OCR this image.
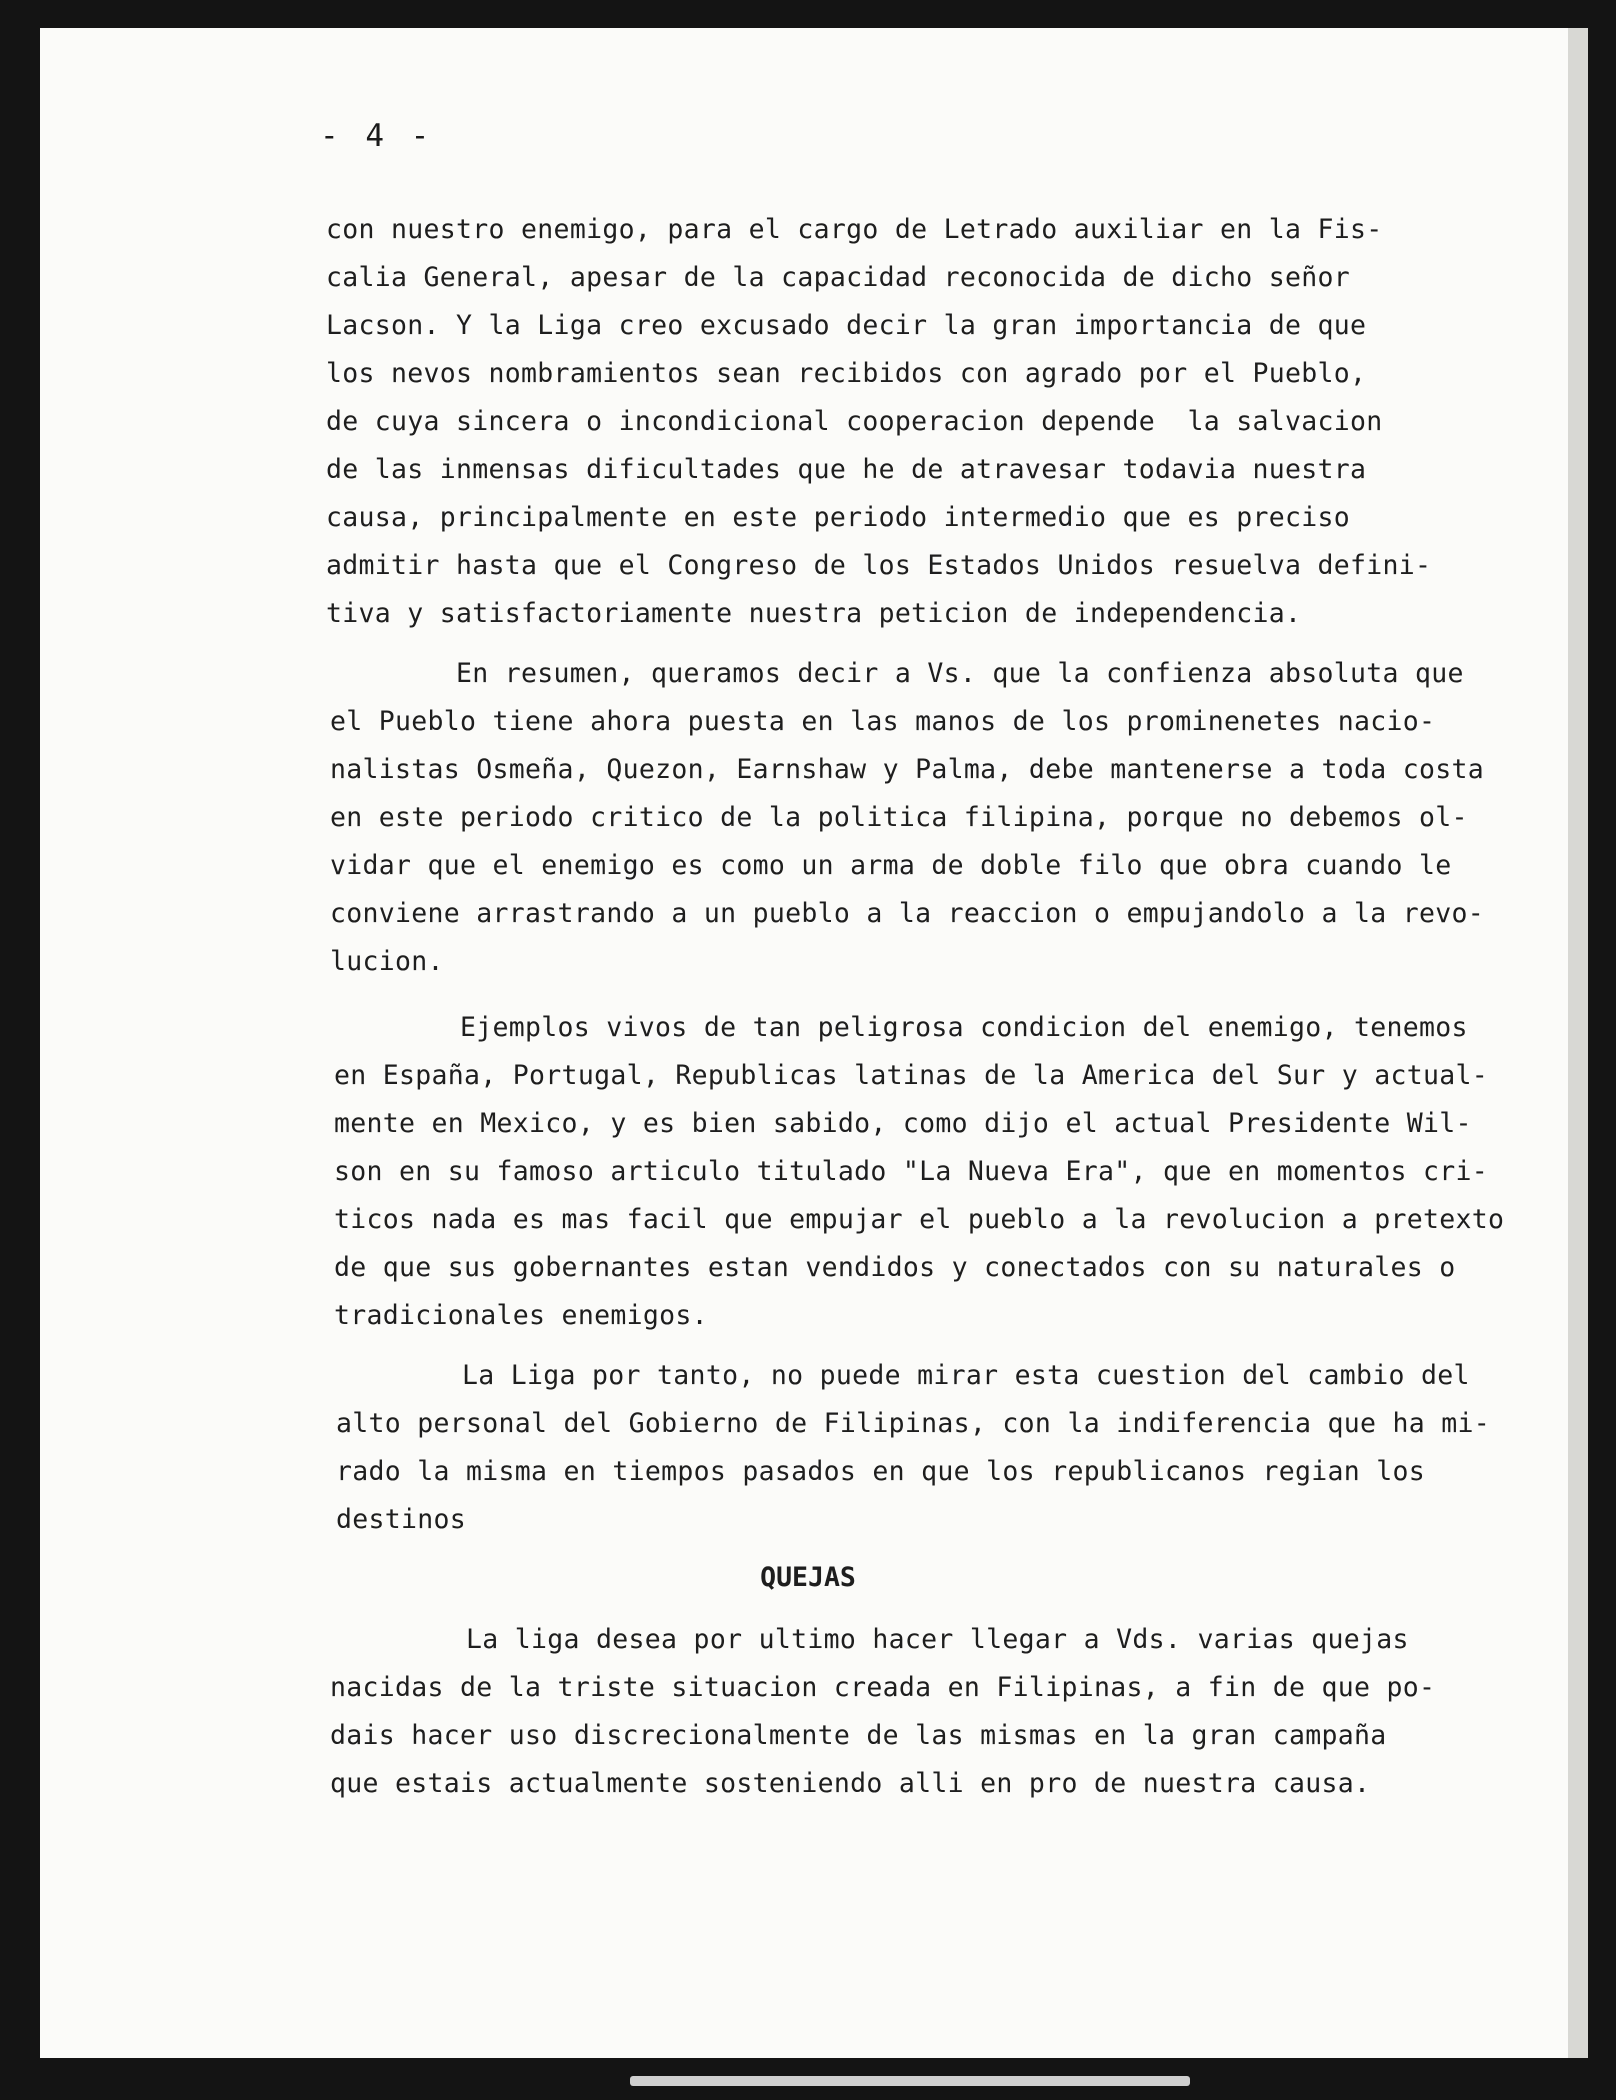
- 4 -
con nuestro enemigo, para el cargo de Letrado auxiliar en la Fis-
calia General, apesar de la capacidad reconocida de dicho señor
Lacson. Y la Liga creo excusado decir la gran importancia de que
los nevos nombramientos sean recibidos con agrado por el Pueblo,
de cuya sincera o incondicional cooperacion depende  la salvacion
de las inmensas dificultades que he de atravesar todavia nuestra
causa, principalmente en este periodo intermedio que es preciso
admitir hasta que el Congreso de los Estados Unidos resuelva defini-
tiva y satisfactoriamente nuestra peticion de independencia.
En resumen, queramos decir a Vs. que la confienza absoluta que
el Pueblo tiene ahora puesta en las manos de los prominenetes nacio-
nalistas Osmeña, Quezon, Earnshaw y Palma, debe mantenerse a toda costa
en este periodo critico de la politica filipina, porque no debemos ol-
vidar que el enemigo es como un arma de doble filo que obra cuando le
conviene arrastrando a un pueblo a la reaccion o empujandolo a la revo-
lucion.
Ejemplos vivos de tan peligrosa condicion del enemigo, tenemos
en España, Portugal, Republicas latinas de la America del Sur y actual-
mente en Mexico, y es bien sabido, como dijo el actual Presidente Wil-
son en su famoso articulo titulado "La Nueva Era", que en momentos cri-
ticos nada es mas facil que empujar el pueblo a la revolucion a pretexto
de que sus gobernantes estan vendidos y conectados con su naturales o
tradicionales enemigos.
La Liga por tanto, no puede mirar esta cuestion del cambio del
alto personal del Gobierno de Filipinas, con la indiferencia que ha mi-
rado la misma en tiempos pasados en que los republicanos regian los
destinos
QUEJAS
La liga desea por ultimo hacer llegar a Vds. varias quejas
nacidas de la triste situacion creada en Filipinas, a fin de que po-
dais hacer uso discrecionalmente de las mismas en la gran campaña
que estais actualmente sosteniendo alli en pro de nuestra causa.
